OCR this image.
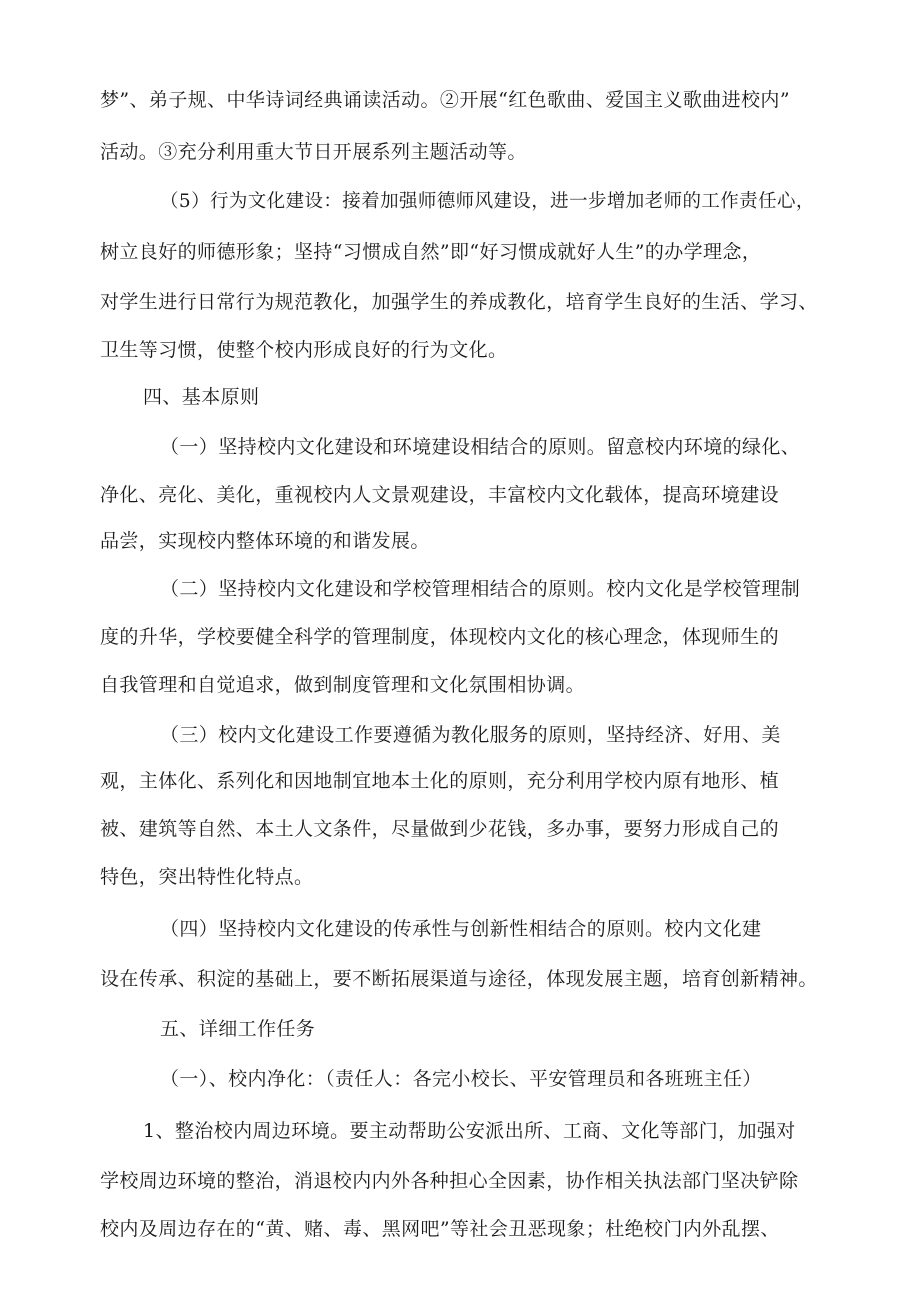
梦”、弟子规、中华诗词经典诵读活动。②开展“红色歌曲、爱国主义歌曲进校内”
活动。③充分利用重大节日开展系列主题活动等。
（5）行为文化建设：接着加强师德师风建设，进一步增加老师的工作责任心，
树立良好的师德形象；坚持“习惯成自然”即“好习惯成就好人生”的办学理念，
对学生进行日常行为规范教化，加强学生的养成教化，培育学生良好的生活、学习、
卫生等习惯，使整个校内形成良好的行为文化。
四、基本原则
（一）坚持校内文化建设和环境建设相结合的原则。留意校内环境的绿化、
净化、亮化、美化，重视校内人文景观建设，丰富校内文化载体，提高环境建设
品尝，实现校内整体环境的和谐发展。
（二）坚持校内文化建设和学校管理相结合的原则。校内文化是学校管理制
度的升华，学校要健全科学的管理制度，体现校内文化的核心理念，体现师生的
自我管理和自觉追求，做到制度管理和文化氛围相协调。
（三）校内文化建设工作要遵循为教化服务的原则，坚持经济、好用、美
观，主体化、系列化和因地制宜地本土化的原则，充分利用学校内原有地形、植
被、建筑等自然、本土人文条件，尽量做到少花钱，多办事，要努力形成自己的
特色，突出特性化特点。
（四）坚持校内文化建设的传承性与创新性相结合的原则。校内文化建
设在传承、积淀的基础上，要不断拓展渠道与途径，体现发展主题，培育创新精神。
五、详细工作任务
（一）、校内净化：（责任人：各完小校长、平安管理员和各班班主任）
1、整治校内周边环境。要主动帮助公安派出所、工商、文化等部门，加强对
学校周边环境的整治，消退校内内外各种担心全因素，协作相关执法部门坚决铲除
校内及周边存在的“黄、赌、毒、黑网吧”等社会丑恶现象；杜绝校门内外乱摆、
